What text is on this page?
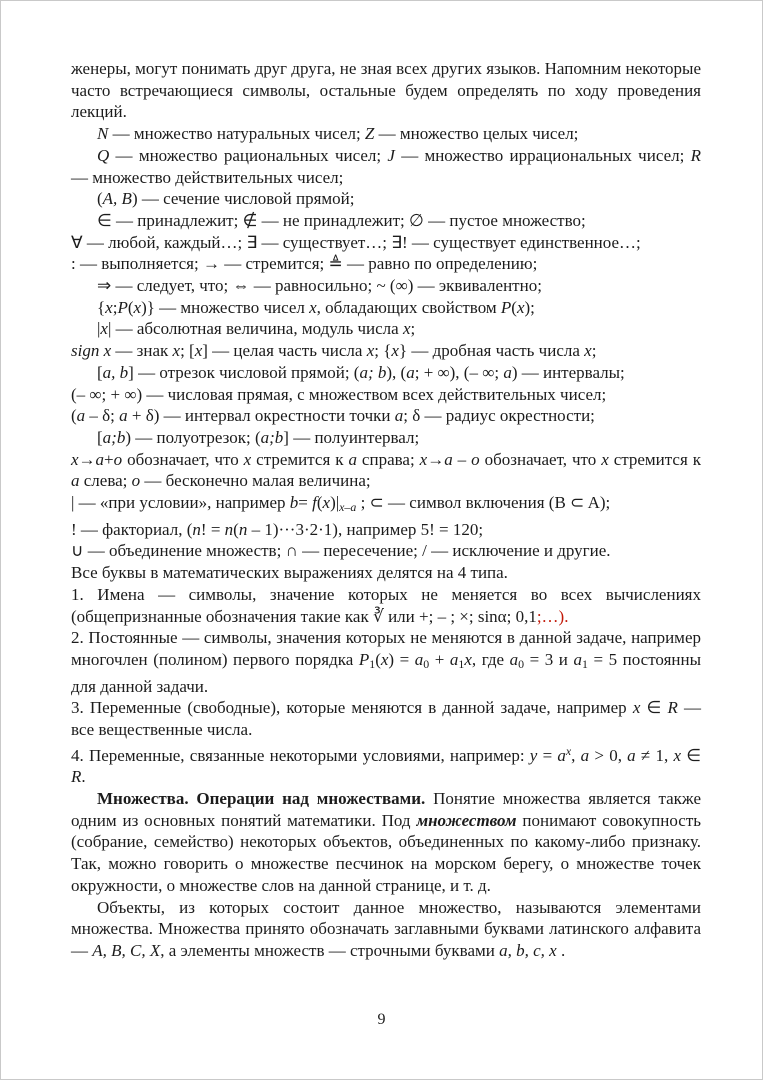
женеры, могут понимать друг друга, не зная всех других языков. Напомним некоторые часто встречающиеся символы, остальные будем определять по ходу проведения лекций.

N — множество натуральных чисел; Z — множество целых чисел;

Q — множество рациональных чисел; J — множество иррациональных чисел; R — множество действительных чисел;

(A, B) — сечение числовой прямой;

∈ — принадлежит; ∉ — не принадлежит; ∅ — пустое множество;

∀ — любой, каждый…; ∃ — существует…; ∃! — существует единственное…;

: — выполняется; → — стремится; ≜ — равно по определению;

⇒ — следует, что; ⇔ — равносильно; ~ (∞) — эквивалентно;

{x;P(x)} — множество чисел x, обладающих свойством P(x);

|x| — абсолютная величина, модуль числа x;

sign x — знак x; [x] — целая часть числа x; {x} — дробная часть числа x;

[a, b] — отрезок числовой прямой; (a; b), (a; + ∞), (– ∞; a) — интервалы;

(– ∞; + ∞) — числовая прямая, с множеством всех действительных чисел;

(a – δ; a + δ) — интервал окрестности точки a; δ — радиус окрестности;

[a;b) — полуотрезок; (a;b] — полуинтервал;

x→a+o обозначает, что x стремится к a справа; x→a – o обозначает, что x стремится к a слева; o — бесконечно малая величина;

| — «при условии», например $b= f(x)|_{x-a}$ ; ⊂ — символ включения (B ⊂ A);

! — факториал, (n! = n(n – 1)···3·2·1), например 5! = 120;

∪ — объединение множеств; ∩ — пересечение; / — исключение и другие.

Все буквы в математических выражениях делятся на 4 типа.

1. Имена — символы, значение которых не меняется во всех вычислениях (общепризнанные обозначения такие как ∛ или +; – ; ×; sinα; 0,1;…).

2. Постоянные — символы, значения которых не меняются в данной задаче, например многочлен (полином) первого порядка $P_1(x) = a_0 + a_1x$, где $a_0 = 3$ и $a_1 = 5$ постоянны для данной задачи.

3. Переменные (свободные), которые меняются в данной задаче, например x ∈ R — все вещественные числа.

4. Переменные, связанные некоторыми условиями, например: $y = a^x$, a > 0, a ≠ 1, x ∈ R.

Множества. Операции над множествами. Понятие множества является также одним из основных понятий математики. Под множеством понимают совокупность (собрание, семейство) некоторых объектов, объединенных по какому-либо признаку. Так, можно говорить о множестве песчинок на морском берегу, о множестве точек окружности, о множестве слов на данной странице, и т. д.

Объекты, из которых состоит данное множество, называются элементами множества. Множества принято обозначать заглавными буквами латинского алфавита — A, B, C, X, а элементы множеств — строчными буквами a, b, c, x .

9
